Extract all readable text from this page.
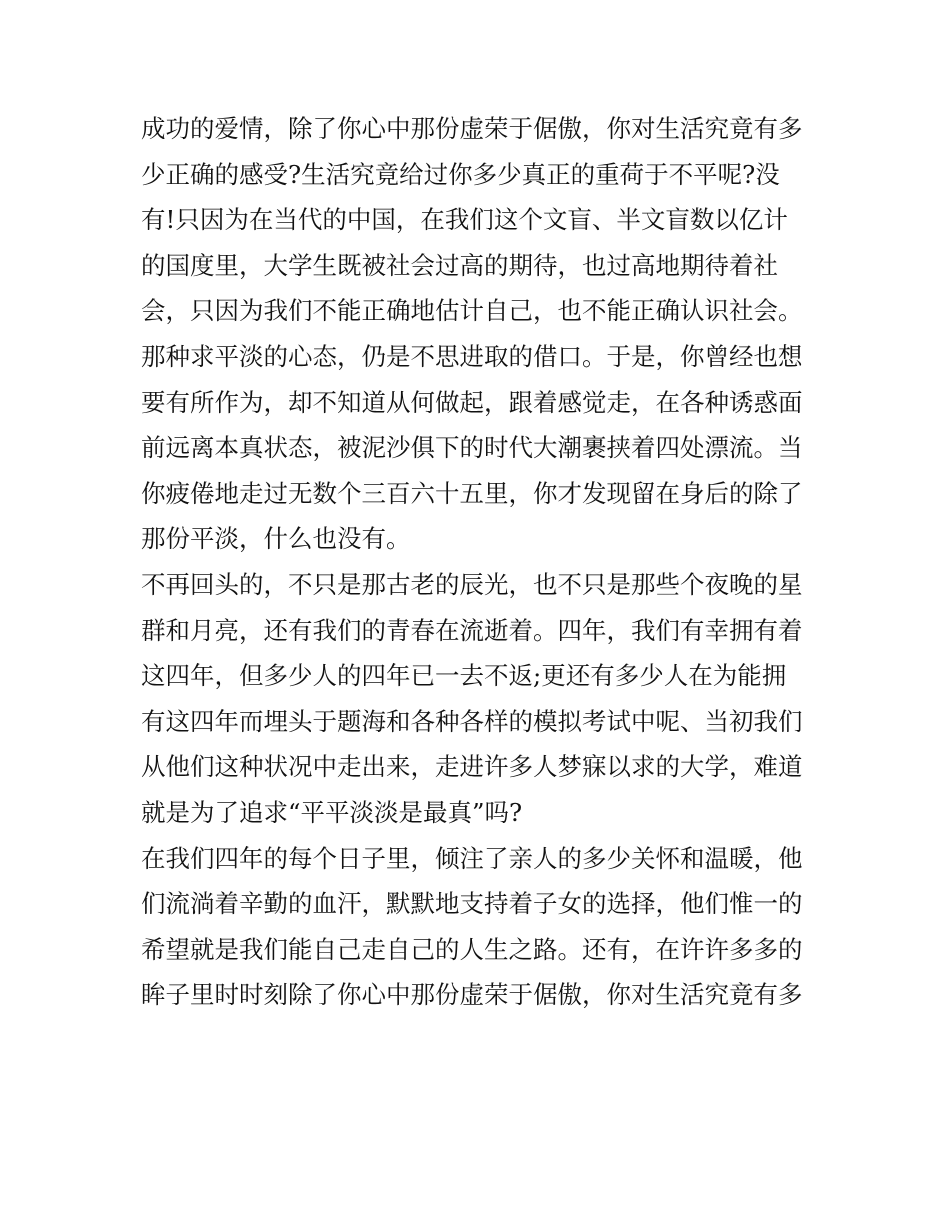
成功的爱情，除了你心中那份虚荣于倨傲，你对生活究竟有多
少正确的感受?生活究竟给过你多少真正的重荷于不平呢?没
有!只因为在当代的中国，在我们这个文盲、半文盲数以亿计
的国度里，大学生既被社会过高的期待，也过高地期待着社
会，只因为我们不能正确地估计自己，也不能正确认识社会。
那种求平淡的心态，仍是不思进取的借口。于是，你曾经也想
要有所作为，却不知道从何做起，跟着感觉走，在各种诱惑面
前远离本真状态，被泥沙俱下的时代大潮裹挟着四处漂流。当
你疲倦地走过无数个三百六十五里，你才发现留在身后的除了
那份平淡，什么也没有。
不再回头的，不只是那古老的辰光，也不只是那些个夜晚的星
群和月亮，还有我们的青春在流逝着。四年，我们有幸拥有着
这四年，但多少人的四年已一去不返;更还有多少人在为能拥
有这四年而埋头于题海和各种各样的模拟考试中呢、当初我们
从他们这种状况中走出来，走进许多人梦寐以求的大学，难道
就是为了追求“平平淡淡是最真”吗?
在我们四年的每个日子里，倾注了亲人的多少关怀和温暖，他
们流淌着辛勤的血汗，默默地支持着子女的选择，他们惟一的
希望就是我们能自己走自己的人生之路。还有，在许许多多的
眸子里时时刻除了你心中那份虚荣于倨傲，你对生活究竟有多
